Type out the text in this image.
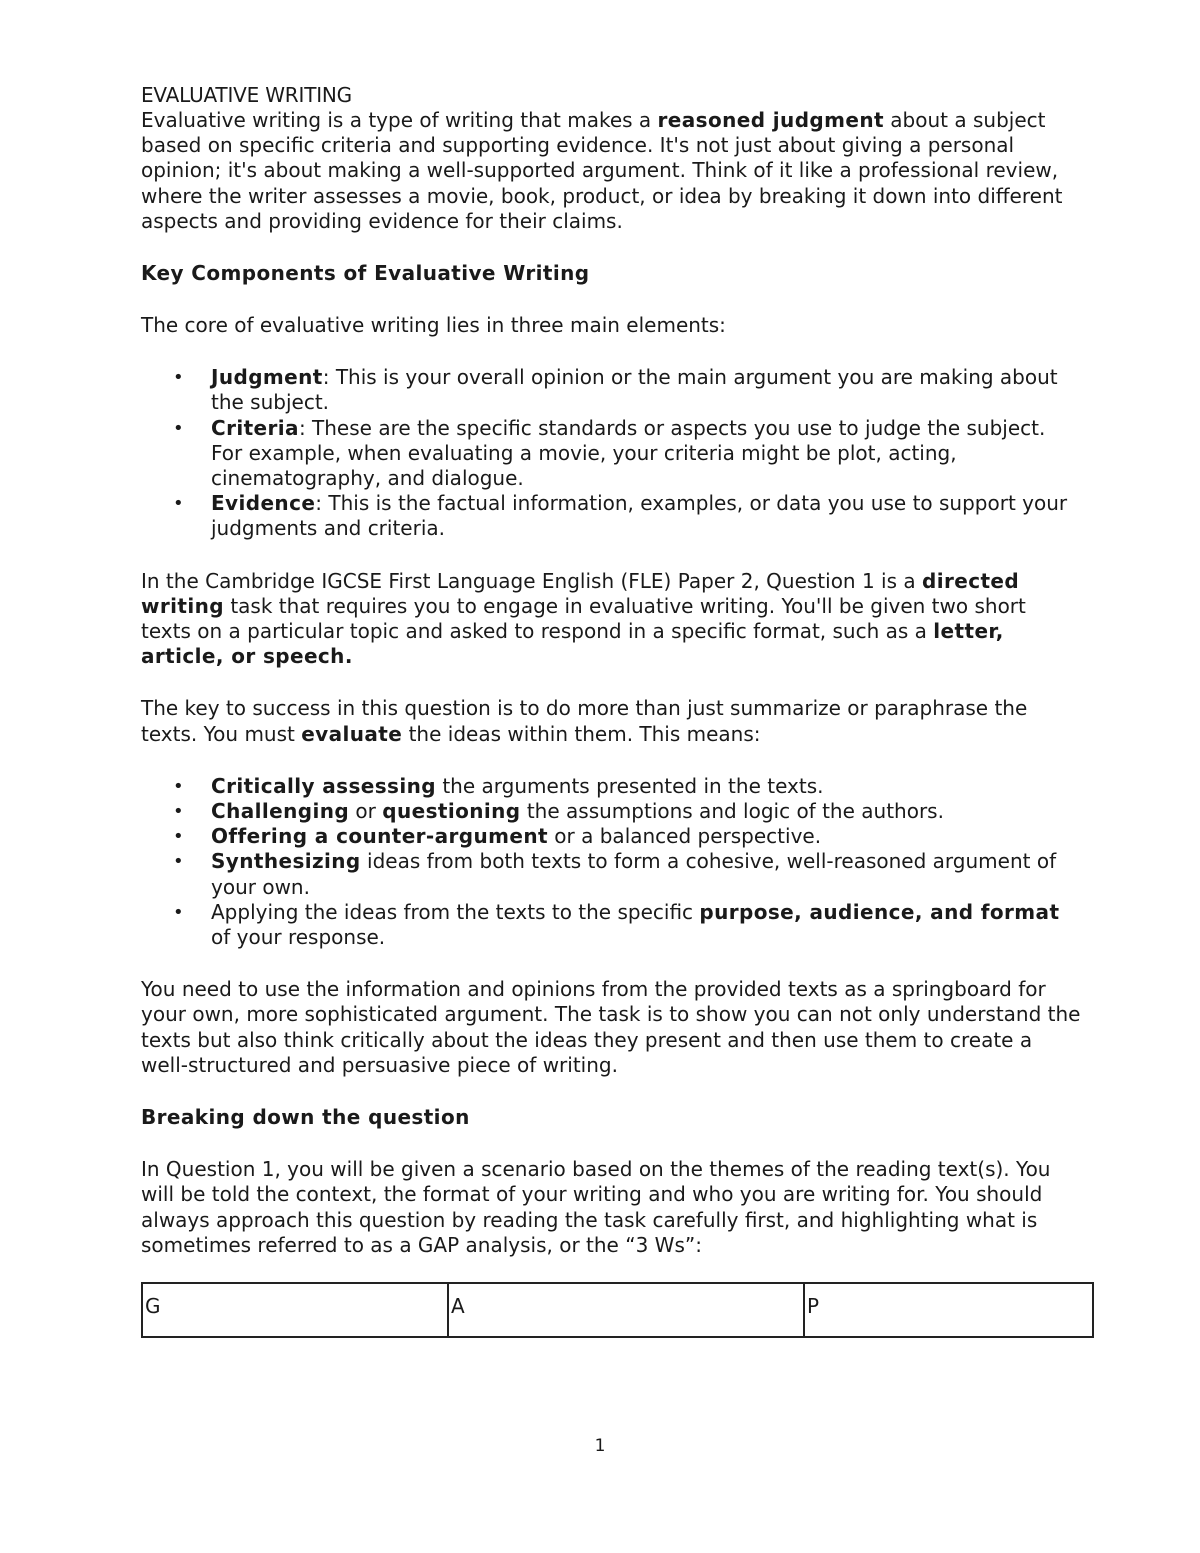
EVALUATIVE WRITING

Evaluative writing is a type of writing that makes a reasoned judgment about a subject based on specific criteria and supporting evidence. It's not just about giving a personal opinion; it's about making a well-supported argument. Think of it like a professional review, where the writer assesses a movie, book, product, or idea by breaking it down into different aspects and providing evidence for their claims.

Key Components of Evaluative Writing

The core of evaluative writing lies in three main elements:

• Judgment: This is your overall opinion or the main argument you are making about the subject.
• Criteria: These are the specific standards or aspects you use to judge the subject. For example, when evaluating a movie, your criteria might be plot, acting, cinematography, and dialogue.
• Evidence: This is the factual information, examples, or data you use to support your judgments and criteria.

In the Cambridge IGCSE First Language English (FLE) Paper 2, Question 1 is a directed writing task that requires you to engage in evaluative writing. You'll be given two short texts on a particular topic and asked to respond in a specific format, such as a letter, article, or speech.

The key to success in this question is to do more than just summarize or paraphrase the texts. You must evaluate the ideas within them. This means:

• Critically assessing the arguments presented in the texts.
• Challenging or questioning the assumptions and logic of the authors.
• Offering a counter-argument or a balanced perspective.
• Synthesizing ideas from both texts to form a cohesive, well-reasoned argument of your own.
• Applying the ideas from the texts to the specific purpose, audience, and format of your response.

You need to use the information and opinions from the provided texts as a springboard for your own, more sophisticated argument. The task is to show you can not only understand the texts but also think critically about the ideas they present and then use them to create a well-structured and persuasive piece of writing.

Breaking down the question

In Question 1, you will be given a scenario based on the themes of the reading text(s). You will be told the context, the format of your writing and who you are writing for. You should always approach this question by reading the task carefully first, and highlighting what is sometimes referred to as a GAP analysis, or the “3 Ws”:

G	A	P
1
